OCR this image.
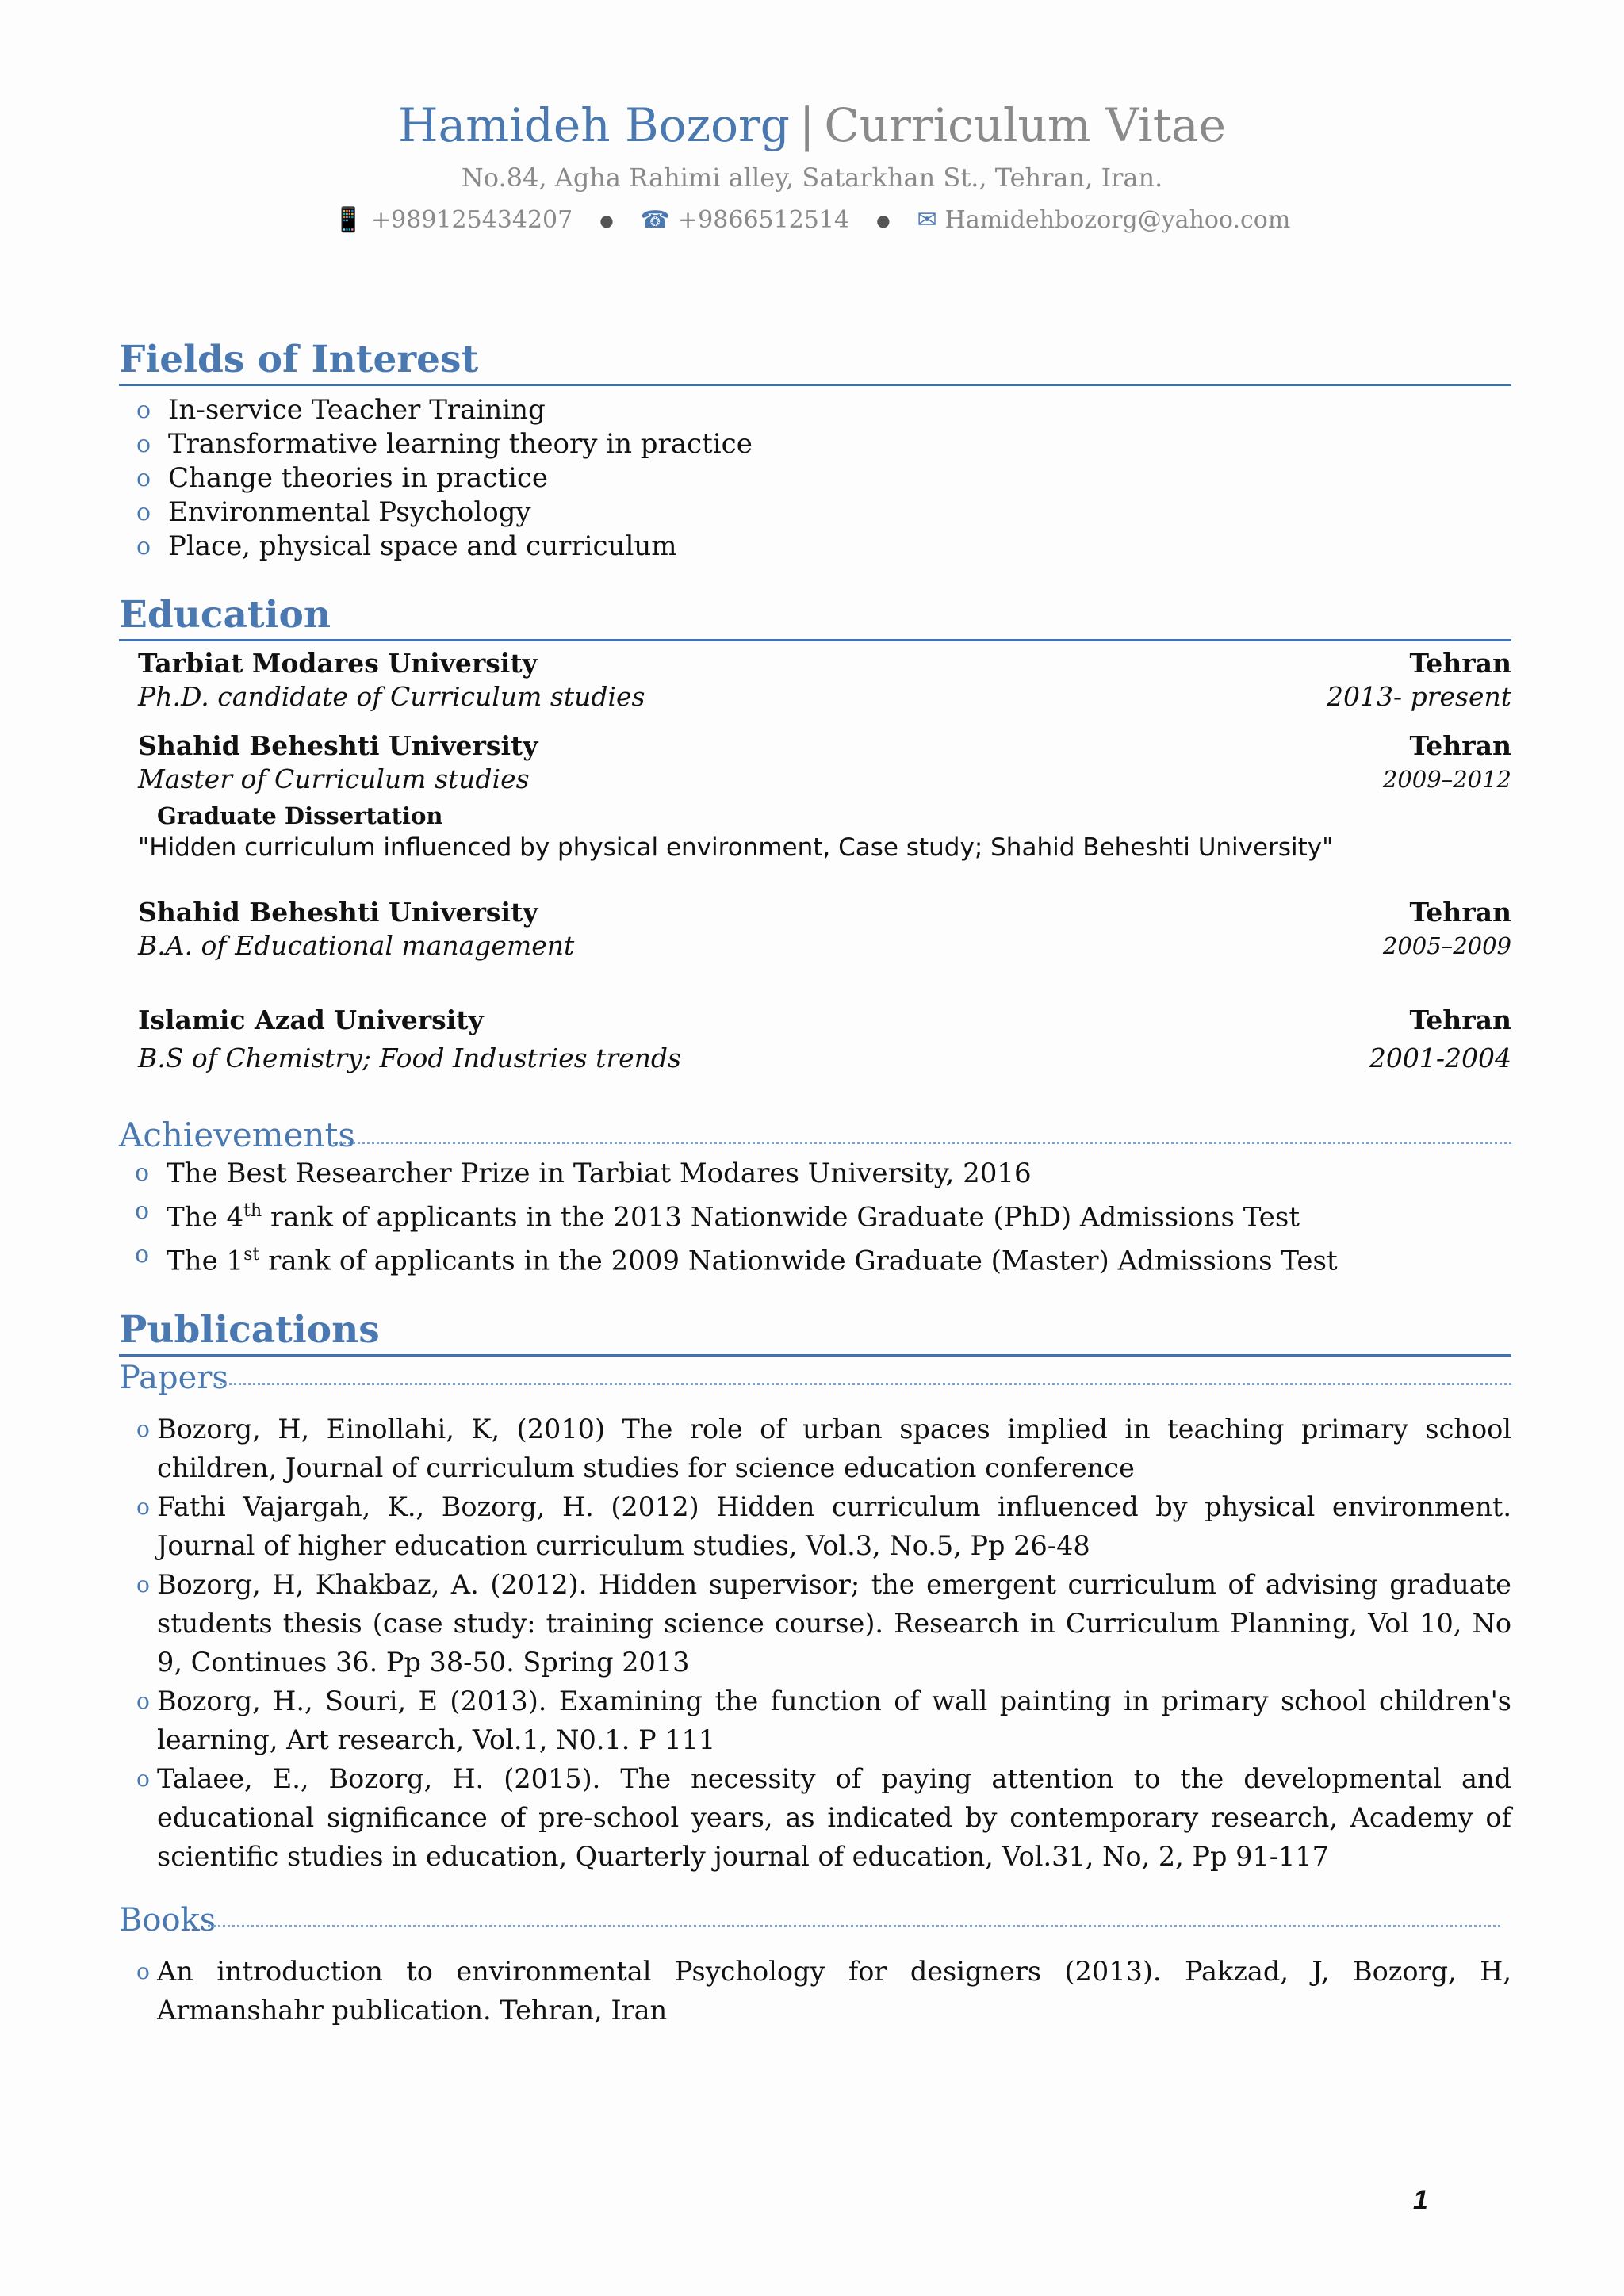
Hamideh Bozorg | Curriculum Vitae
No.84, Agha Rahimi alley, Satarkhan St., Tehran, Iran.
📱 +989125434207 ● ☎ +9866512514 ● ✉ Hamidehbozorg@yahoo.com
Fields of Interest
o In-service Teacher Training
o Transformative learning theory in practice
o Change theories in practice
o Environmental Psychology
o Place, physical space and curriculum
Education
Tarbiat Modares University	Tehran
Ph.D. candidate of Curriculum studies	2013- present
Shahid Beheshti University	Tehran
Master of Curriculum studies	2009–2012
Graduate Dissertation
"Hidden curriculum influenced by physical environment, Case study; Shahid Beheshti University"
Shahid Beheshti University	Tehran
B.A. of Educational management	2005–2009
Islamic Azad University	Tehran
B.S of Chemistry; Food Industries trends	2001-2004
Achievements
o The Best Researcher Prize in Tarbiat Modares University, 2016
o The 4th rank of applicants in the 2013 Nationwide Graduate (PhD) Admissions Test
o The 1st rank of applicants in the 2009 Nationwide Graduate (Master) Admissions Test
Publications
Papers
o Bozorg, H, Einollahi, K, (2010) The role of urban spaces implied in teaching primary school children, Journal of curriculum studies for science education conference
o Fathi Vajargah, K., Bozorg, H. (2012) Hidden curriculum influenced by physical environment. Journal of higher education curriculum studies, Vol.3, No.5, Pp 26-48
o Bozorg, H, Khakbaz, A. (2012). Hidden supervisor; the emergent curriculum of advising graduate students thesis (case study: training science course). Research in Curriculum Planning, Vol 10, No 9, Continues 36. Pp 38-50. Spring 2013
o Bozorg, H., Souri, E (2013). Examining the function of wall painting in primary school children's learning, Art research, Vol.1, N0.1. P 111
o Talaee, E., Bozorg, H. (2015). The necessity of paying attention to the developmental and educational significance of pre-school years, as indicated by contemporary research, Academy of scientific studies in education, Quarterly journal of education, Vol.31, No, 2, Pp 91-117
Books
o An introduction to environmental Psychology for designers (2013). Pakzad, J, Bozorg, H, Armanshahr publication. Tehran, Iran
1
